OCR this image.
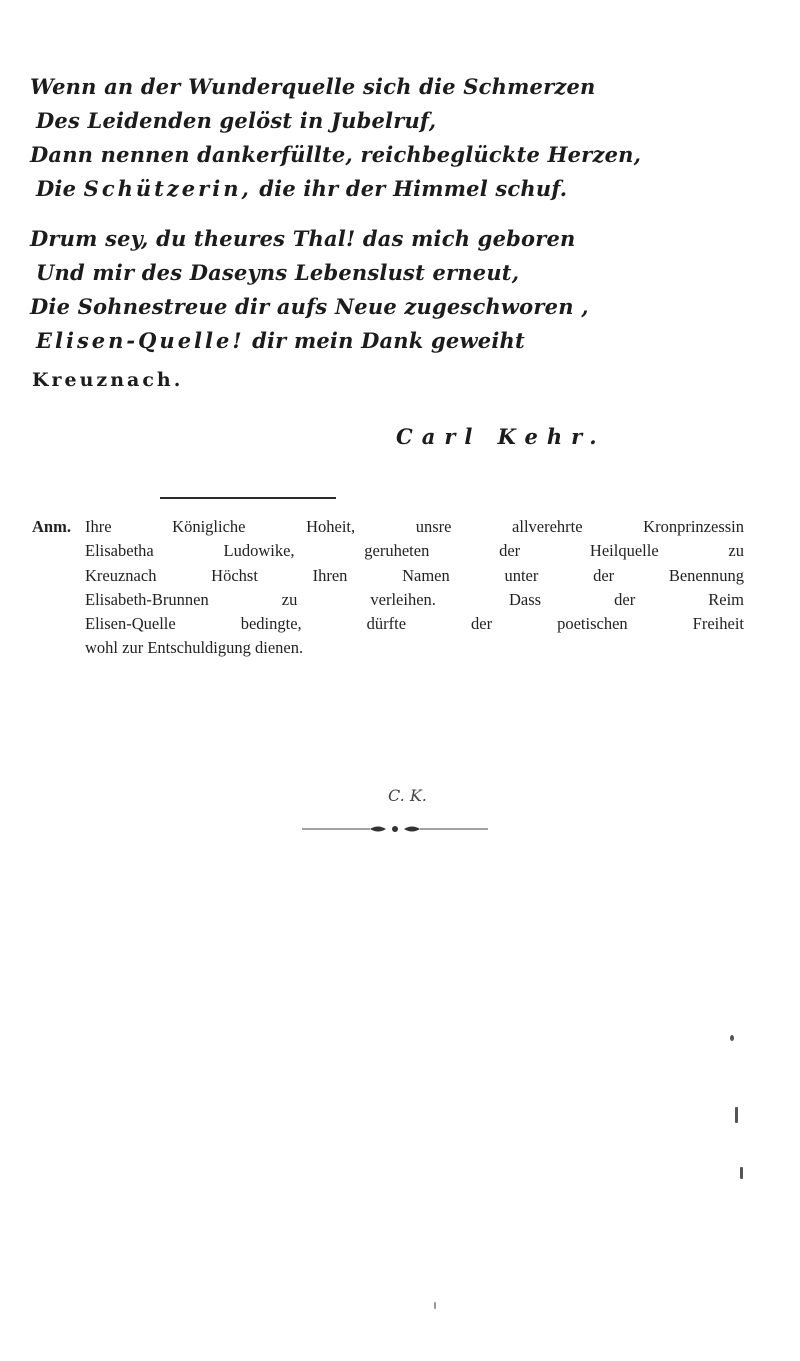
Wenn an der Wunderquelle sich die Schmerzen
Des Leidenden gelöst in Jubelruf,
Dann nennen dankerfüllte, reichbeglückte Herzen,
Die Schützerin, die ihr der Himmel schuf.
Drum sey, du theures Thal! das mich geboren
Und mir des Daseyns Lebenslust erneut,
Die Sohnestreue dir aufs Neue zugeschworen ,
Elisen-Quelle! dir mein Dank geweiht
Kreuznach.
Carl Kehr.
Anm. Ihre Königliche Hoheit, unsre allverehrte Kronprinzessin
Elisabetha Ludowike, geruheten der Heilquelle zu
Kreuznach Höchst Ihren Namen unter der Benennung
Elisabeth-Brunnen zu verleihen. Dass der Reim
Elisen-Quelle bedingte, dürfte der poetischen Freiheit
wohl zur Entschuldigung dienen.
C. K.
